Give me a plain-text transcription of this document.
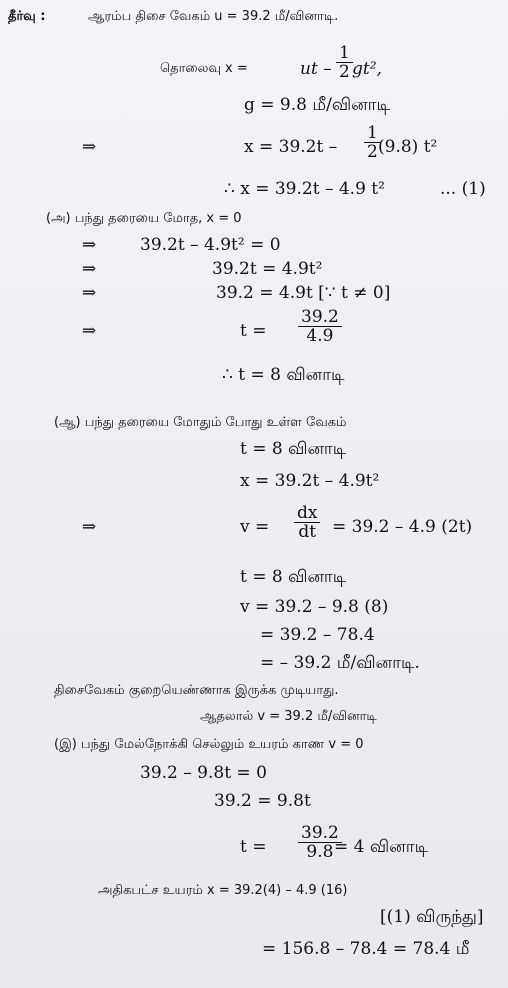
தீர்வு :	ஆரம்ப திசை வேகம் u = 39.2 மீ/வினாடி.
தொலைவு x =	ut – gt²,
g = 9.8 மீ/வினாடி
⇒	x = 39.2t – (9.8) t²
∴ x = 39.2t – 4.9 t²	... (1)
(அ) பந்து தரையை மோத, x = 0
⇒	39.2t – 4.9t² = 0
⇒	39.2t = 4.9t²
⇒	39.2 = 4.9t [∵ t ≠ 0]
⇒	t =
∴ t = 8 வினாடி
(ஆ) பந்து தரையை மோதும் போது உள்ள வேகம்
t = 8 வினாடி
x = 39.2t – 4.9t²
⇒	v =	= 39.2 – 4.9 (2t)
t = 8 வினாடி
v = 39.2 – 9.8 (8)
= 39.2 – 78.4
= – 39.2 மீ/வினாடி.
திசைவேகம் குறையெண்ணாக இருக்க முடியாது.
ஆதலால் v = 39.2 மீ/வினாடி
(இ) பந்து மேல்நோக்கி செல்லும் உயரம் காண v = 0
39.2 – 9.8t = 0
39.2 = 9.8t
t =	= 4 வினாடி
அதிகபட்ச உயரம் x = 39.2(4) – 4.9 (16)
[(1) விருந்து]
= 156.8 – 78.4 = 78.4 மீ
$\frac{1}{2}$
$\frac{1}{2}$
$\frac{39.2}{4.9}$
$\frac{dx}{dt}$
$\frac{39.2}{9.8}$
